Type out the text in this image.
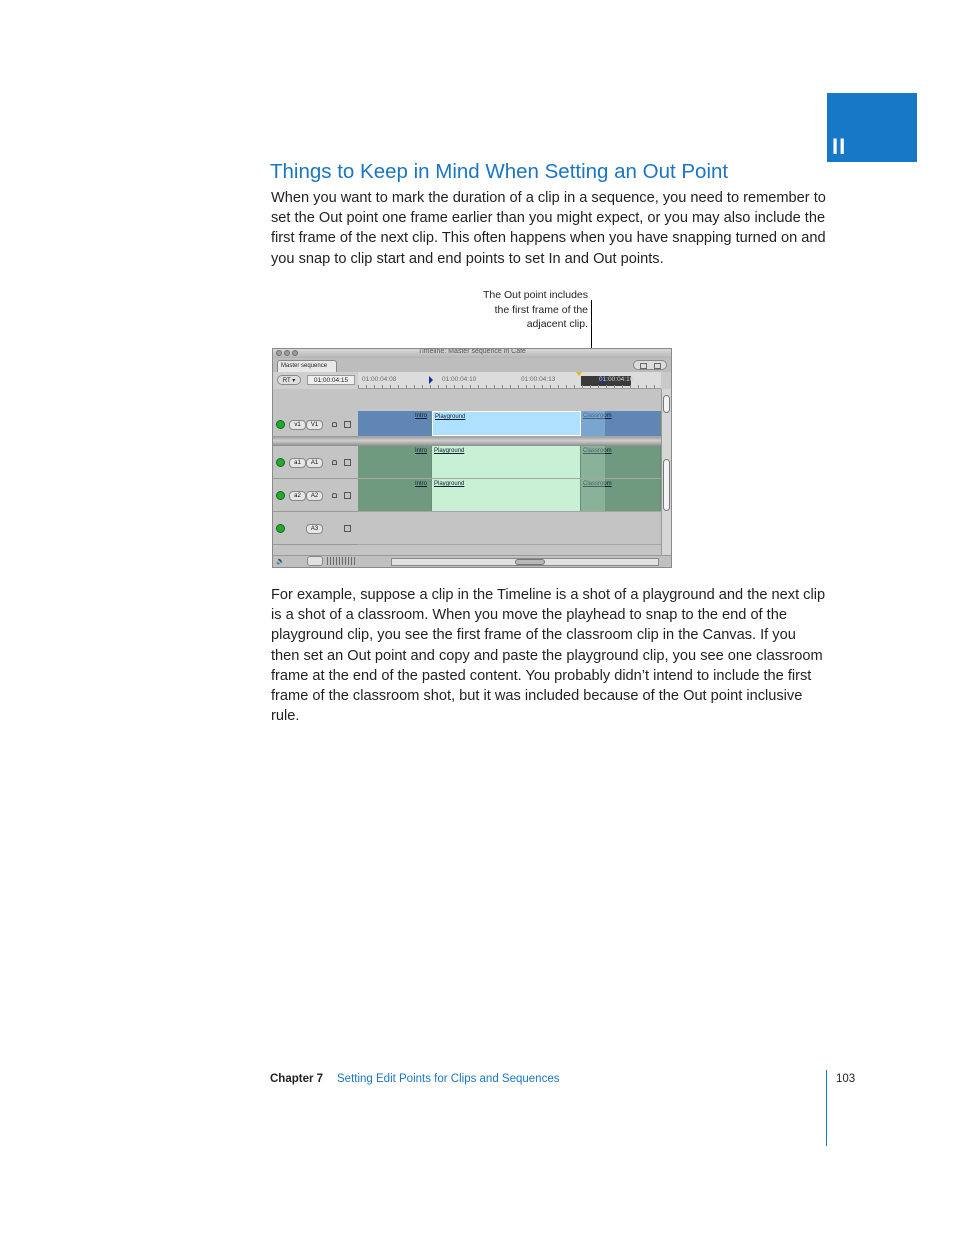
II
Things to Keep in Mind When Setting an Out Point

When you want to mark the duration of a clip in a sequence, you need to remember to set the Out point one frame earlier than you might expect, or you may also include the first frame of the next clip. This often happens when you have snapping turned on and you snap to clip start and end points to set In and Out points.

The Out point includes
the first frame of the
adjacent clip.
Timeline: Master sequence in Cafe
Master sequence
RT ▾	01:00:04:15	01:00:04:08	01:00:04:10	01:00:04:13	01:00:04:16
v1	V1
Intro Playground	Classroom
a1	A1
Intro Playground	Classroom
a2	A2
Intro Playground	Classroom
A3
🔈

For example, suppose a clip in the Timeline is a shot of a playground and the next clip is a shot of a classroom. When you move the playhead to snap to the end of the playground clip, you see the first frame of the classroom clip in the Canvas. If you then set an Out point and copy and paste the playground clip, you see one classroom frame at the end of the pasted content. You probably didn’t intend to include the first frame of the classroom shot, but it was included because of the Out point inclusive rule.

Chapter 7 Setting Edit Points for Clips and Sequences	103
